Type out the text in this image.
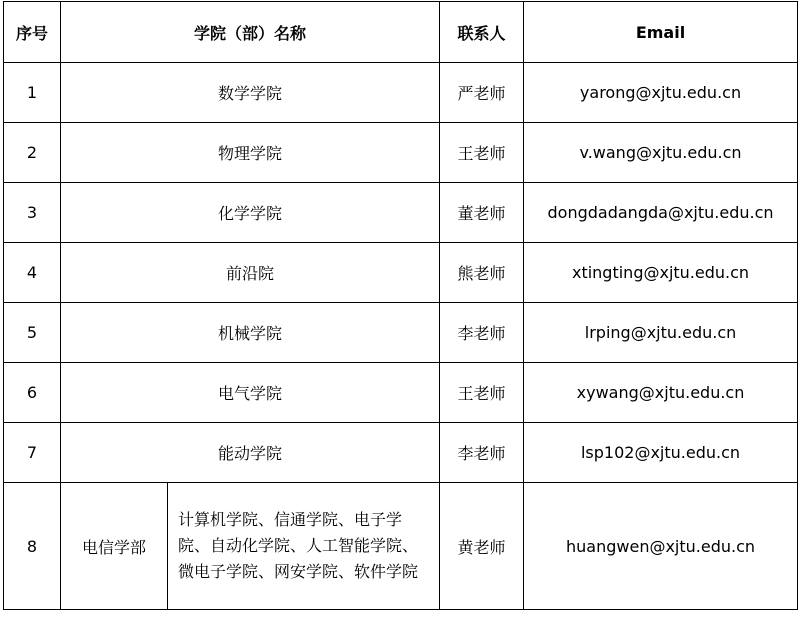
序号	学院（部）名称		联系人	Email
1	数学学院		严老师	yarong@xjtu.edu.cn
2	物理学院		王老师	v.wang@xjtu.edu.cn
3	化学学院		董老师	dongdadangda@xjtu.edu.cn
4	前沿院		熊老师	xtingting@xjtu.edu.cn
5	机械学院		李老师	lrping@xjtu.edu.cn
6	电气学院		王老师	xywang@xjtu.edu.cn
7	能动学院		李老师	lsp102@xjtu.edu.cn
8	电信学部	计算机学院、信通学院、电子学院、自动化学院、人工智能学院、微电子学院、网安学院、软件学院	黄老师	huangwen@xjtu.edu.cn
